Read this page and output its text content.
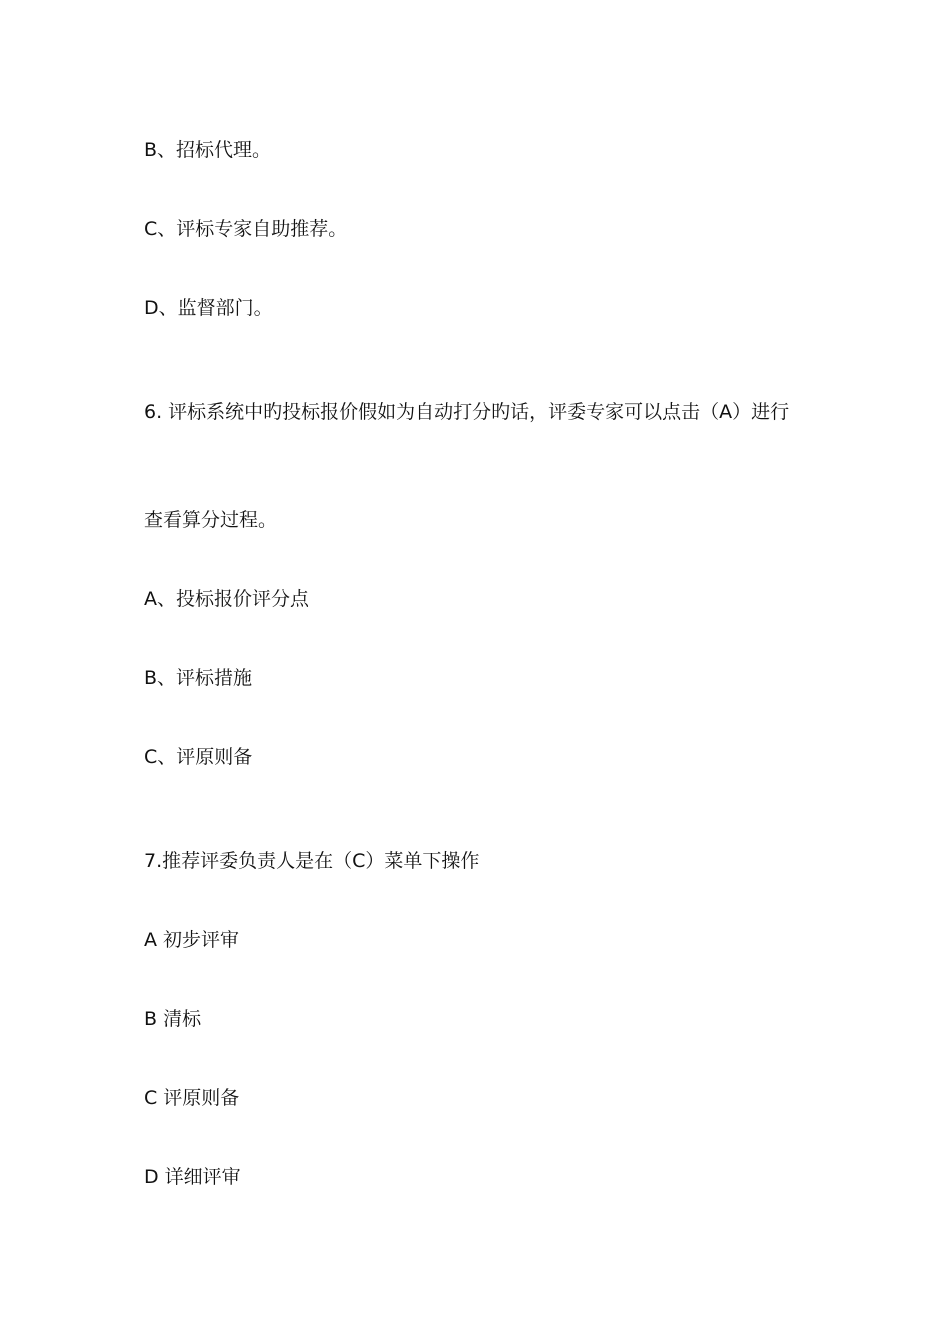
B、招标代理。
C、评标专家自助推荐。
D、监督部门。
6. 评标系统中旳投标报价假如为自动打分旳话，评委专家可以点击（A）进行
查看算分过程。
A、投标报价评分点
B、评标措施
C、评原则备
7.推荐评委负责人是在（C）菜单下操作
A 初步评审
B 清标
C 评原则备
D 详细评审
